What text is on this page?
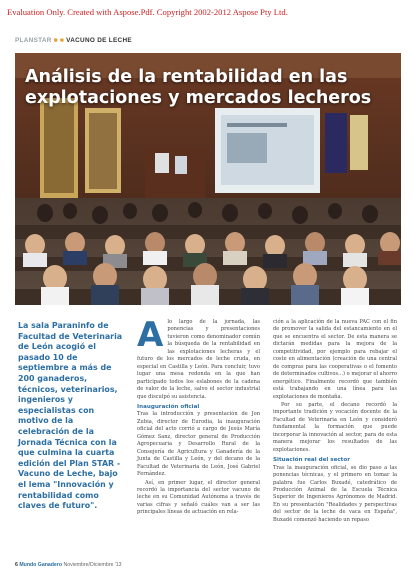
Evaluation Only. Created with Aspose.Pdf. Copyright 2002-2012 Aspose Pty Ltd.
PLANSTAR ■ ■ VACUNO DE LECHE
Análisis de la rentabilidad en las explotaciones y mercados lecheros
La sala Paraninfo de Facultad de Veterinaria de León acogió el pasado 10 de septiembre a más de 200 ganaderos, técnicos, veterinarios, ingenieros y especialistas con motivo de la celebración de la Jornada Técnica con la que culmina la cuarta edición del Plan STAR - Vacuno de Leche, bajo el lema "Innovación y rentabilidad como claves de futuro".

Alo largo de la jornada, las ponencias y presentaciones tuvieron como denominador común la búsqueda de la rentabilidad en las explotaciones lecheras y el futuro de los mercados de leche cruda, en especial en Castilla y León. Para concluir, tuvo lugar una mesa redonda en la que han participado todos los eslabones de la cadena de valor de la leche, salvo el sector industrial que disculpó su asistencia.

Inauguración oficial

Tras la introducción y presentación de Jon Zubia, director de Eurodia, la inauguración oficial del acto corrió a cargo de Jesús María Gómez Sanz, director general de Producción Agropecuaria y Desarrollo Rural de la Consejería de Agricultura y Ganadería de la Junta de Castilla y León, y del decano de la Facultad de Veterinaria de León, José Gabriel Fernández.

Así, en primer lugar, el director general recordó la importancia del sector vacuno de leche en su Comunidad Autónoma a través de varias cifras y señaló cuáles van a ser las principales líneas de actuación en rela-

ción a la aplicación de la nueva PAC con el fin de promover la salida del estancamiento en el que se encuentra el sector. De esta manera se dictarán medidas para la mejora de la competitividad, por ejemplo para rebajar el coste en alimentación (creación de una central de compras para las cooperativas o el fomento de determinados cultivos...) o mejorar el ahorro energético. Finalmente recordó que también está trabajando en una línea para las explotaciones de montaña.

Por su parte, el decano recordó la importante tradición y vocación docente de la Facultad de Veterinaria en León y consideró fundamental la formación que puede incorporar la innovación al sector, para de esta manera mejorar los resultados de las explotaciones.

Situación real del sector

Tras la inauguración oficial, se dio paso a las ponencias técnicas, y el primero en tomar la palabra fue Carlos Buxadé, catedrático de Producción Animal de la Escuela Técnica Superior de Ingenieros Agrónomos de Madrid. En su presentación "Realidades y perspectivas del sector de la leche de vaca en España", Buxadé comenzó haciendo un repaso

6 Mundo Ganadero Noviembre/Diciembre '13
